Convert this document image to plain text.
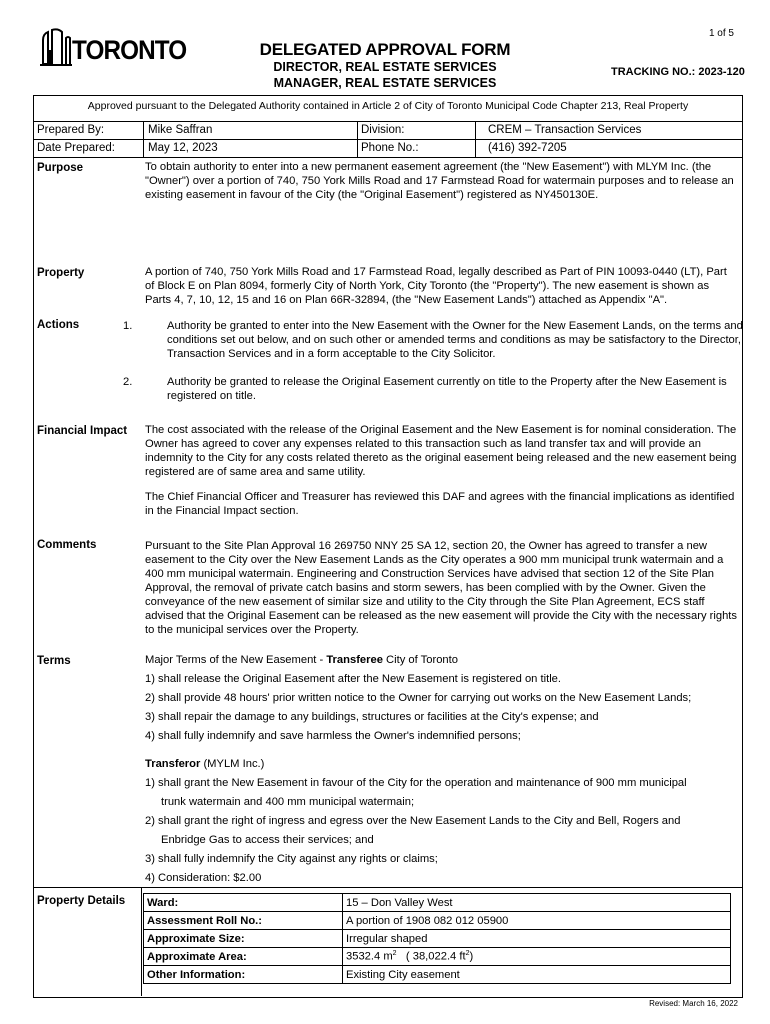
TORONTO
1 of 5
DELEGATED APPROVAL FORM
DIRECTOR, REAL ESTATE SERVICES
MANAGER, REAL ESTATE SERVICES
TRACKING NO.: 2023-120
Approved pursuant to the Delegated Authority contained in Article 2 of City of Toronto Municipal Code Chapter 213, Real Property
Prepared By:	Mike Saffran	Division:	CREM – Transaction Services
Date Prepared:	May 12, 2023	Phone No.:	(416) 392-7205
Purpose	To obtain authority to enter into a new permanent easement agreement (the "New Easement") with MLYM Inc. (the "Owner") over a portion of 740, 750 York Mills Road and 17 Farmstead Road for watermain purposes and to release an existing easement in favour of the City (the "Original Easement") registered as NY450130E.
Property	A portion of 740, 750 York Mills Road and 17 Farmstead Road, legally described as Part of PIN 10093-0440 (LT), Part of Block E on Plan 8094, formerly City of North York, City Toronto (the "Property"). The new easement is shown as Parts 4, 7, 10, 12, 15 and 16 on Plan 66R-32894, (the "New Easement Lands") attached as Appendix "A".
Actions	1.	Authority be granted to enter into the New Easement with the Owner for the New Easement Lands, on the terms and conditions set out below, and on such other or amended terms and conditions as may be satisfactory to the Director, Transaction Services and in a form acceptable to the City Solicitor.
2.	Authority be granted to release the Original Easement currently on title to the Property after the New Easement is registered on title.
Financial Impact The cost associated with the release of the Original Easement and the New Easement is for nominal consideration. The Owner has agreed to cover any expenses related to this transaction such as land transfer tax and will provide an indemnity to the City for any costs related thereto as the original easement being released and the new easement being registered are of same area and same utility.
The Chief Financial Officer and Treasurer has reviewed this DAF and agrees with the financial implications as identified in the Financial Impact section.
Comments	Pursuant to the Site Plan Approval 16 269750 NNY 25 SA 12, section 20, the Owner has agreed to transfer a new easement to the City over the New Easement Lands as the City operates a 900 mm municipal trunk watermain and a 400 mm municipal watermain. Engineering and Construction Services have advised that section 12 of the Site Plan Approval, the removal of private catch basins and storm sewers, has been complied with by the Owner. Given the conveyance of the new easement of similar size and utility to the City through the Site Plan Agreement, ECS staff advised that the Original Easement can be released as the new easement will provide the City with the necessary rights to the municipal services over the Property.
Terms	Major Terms of the New Easement - Transferee City of Toronto

1) shall release the Original Easement after the New Easement is registered on title.

2) shall provide 48 hours' prior written notice to the Owner for carrying out works on the New Easement Lands;

3) shall repair the damage to any buildings, structures or facilities at the City's expense; and

4) shall fully indemnify and save harmless the Owner's indemnified persons;

Transferor (MYLM Inc.)

1) shall grant the New Easement in favour of the City for the operation and maintenance of 900 mm municipal

trunk watermain and 400 mm municipal watermain;

2) shall grant the right of ingress and egress over the New Easement Lands to the City and Bell, Rogers and

Enbridge Gas to access their services; and

3) shall fully indemnify the City against any rights or claims;

4) Consideration: $2.00

Property Details Ward:	15 – Don Valley West
Assessment Roll No.:	A portion of 1908 082 012 05900
Approximate Size:	Irregular shaped
Approximate Area:	3532.4 $m^2$   ( 38,022.4 $ft^2$)
Other Information:	Existing City easement
Revised: March 16, 2022
